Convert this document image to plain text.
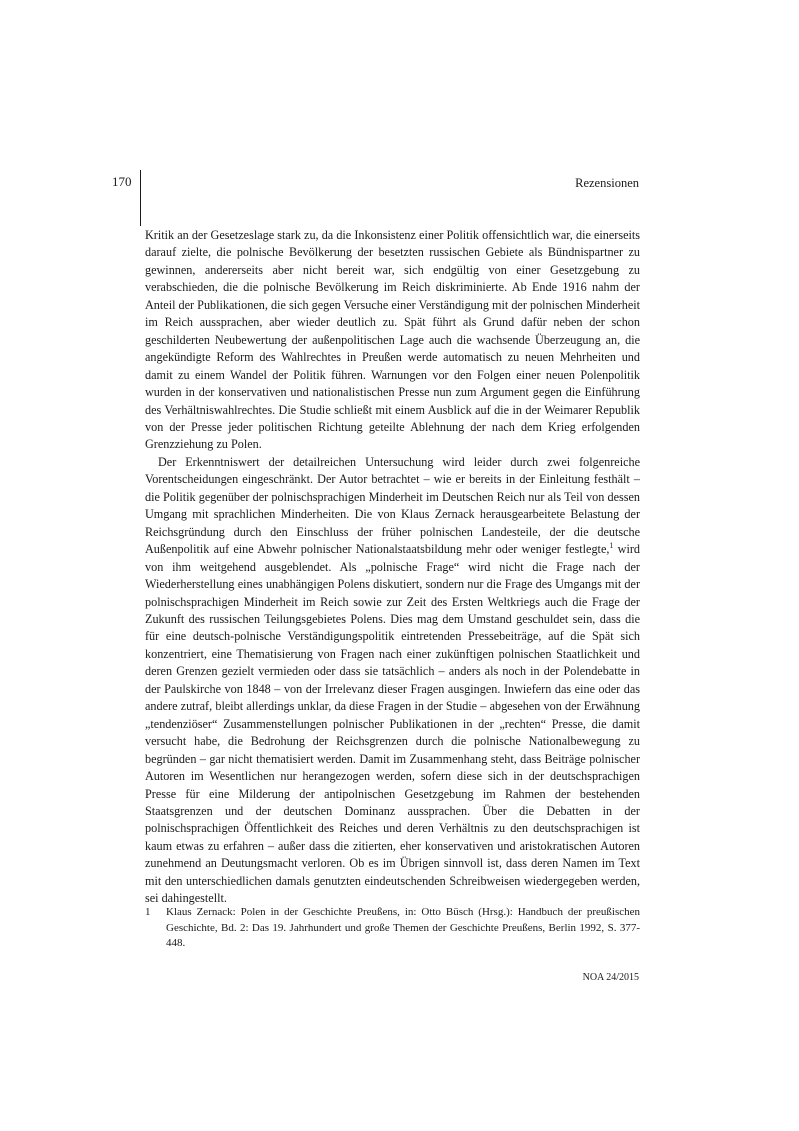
170	Rezensionen

Kritik an der Gesetzeslage stark zu, da die Inkonsistenz einer Politik offensichtlich war, die einerseits darauf zielte, die polnische Bevölkerung der besetzten russischen Gebiete als Bündnispartner zu gewinnen, andererseits aber nicht bereit war, sich endgültig von einer Gesetzgebung zu verabschieden, die die polnische Bevölkerung im Reich diskriminierte. Ab Ende 1916 nahm der Anteil der Publikationen, die sich gegen Versuche einer Verständigung mit der polnischen Minderheit im Reich aussprachen, aber wieder deutlich zu. Spät führt als Grund dafür neben der schon geschilderten Neubewertung der außenpolitischen Lage auch die wachsende Überzeugung an, die angekündigte Reform des Wahlrechtes in Preußen werde automatisch zu neuen Mehrheiten und damit zu einem Wandel der Politik führen. Warnungen vor den Folgen einer neuen Polenpolitik wurden in der konservativen und nationalistischen Presse nun zum Argument gegen die Einführung des Verhältniswahlrechtes. Die Studie schließt mit einem Ausblick auf die in der Weimarer Republik von der Presse jeder politischen Richtung geteilte Ablehnung der nach dem Krieg erfolgenden Grenzziehung zu Polen.

Der Erkenntniswert der detailreichen Untersuchung wird leider durch zwei folgenreiche Vorentscheidungen eingeschränkt. Der Autor betrachtet – wie er bereits in der Einleitung festhält – die Politik gegenüber der polnischsprachigen Minderheit im Deutschen Reich nur als Teil von dessen Umgang mit sprachlichen Minderheiten. Die von Klaus Zernack herausgearbeitete Belastung der Reichsgründung durch den Einschluss der früher polnischen Landesteile, der die deutsche Außenpolitik auf eine Abwehr polnischer Nationalstaatsbildung mehr oder weniger festlegte,$^1$ wird von ihm weitgehend ausgeblendet. Als „polnische Frage“ wird nicht die Frage nach der Wiederherstellung eines unabhängigen Polens diskutiert, sondern nur die Frage des Umgangs mit der polnischsprachigen Minderheit im Reich sowie zur Zeit des Ersten Weltkriegs auch die Frage der Zukunft des russischen Teilungsgebietes Polens. Dies mag dem Umstand geschuldet sein, dass die für eine deutsch-polnische Verständigungspolitik eintretenden Pressebeiträge, auf die Spät sich konzentriert, eine Thematisierung von Fragen nach einer zukünftigen polnischen Staatlichkeit und deren Grenzen gezielt vermieden oder dass sie tatsächlich – anders als noch in der Polendebatte in der Paulskirche von 1848 – von der Irrelevanz dieser Fragen ausgingen. Inwiefern das eine oder das andere zutraf, bleibt allerdings unklar, da diese Fragen in der Studie – abgesehen von der Erwähnung „tendenziöser“ Zusammenstellungen polnischer Publikationen in der „rechten“ Presse, die damit versucht habe, die Bedrohung der Reichsgrenzen durch die polnische Nationalbewegung zu begründen – gar nicht thematisiert werden. Damit im Zusammenhang steht, dass Beiträge polnischer Autoren im Wesentlichen nur herangezogen werden, sofern diese sich in der deutschsprachigen Presse für eine Milderung der antipolnischen Gesetzgebung im Rahmen der bestehenden Staatsgrenzen und der deutschen Dominanz aussprachen. Über die Debatten in der polnischsprachigen Öffentlichkeit des Reiches und deren Verhältnis zu den deutschsprachigen ist kaum etwas zu erfahren – außer dass die zitierten, eher konservativen und aristokratischen Autoren zunehmend an Deutungsmacht verloren. Ob es im Übrigen sinnvoll ist, dass deren Namen im Text mit den unterschiedlichen damals genutzten eindeutschenden Schreibweisen wiedergegeben werden, sei dahingestellt.

1 Klaus Zernack: Polen in der Geschichte Preußens, in: Otto Büsch (Hrsg.): Handbuch der preußischen Geschichte, Bd. 2: Das 19. Jahrhundert und große Themen der Geschichte Preußens, Berlin 1992, S. 377-448.
NOA 24/2015
